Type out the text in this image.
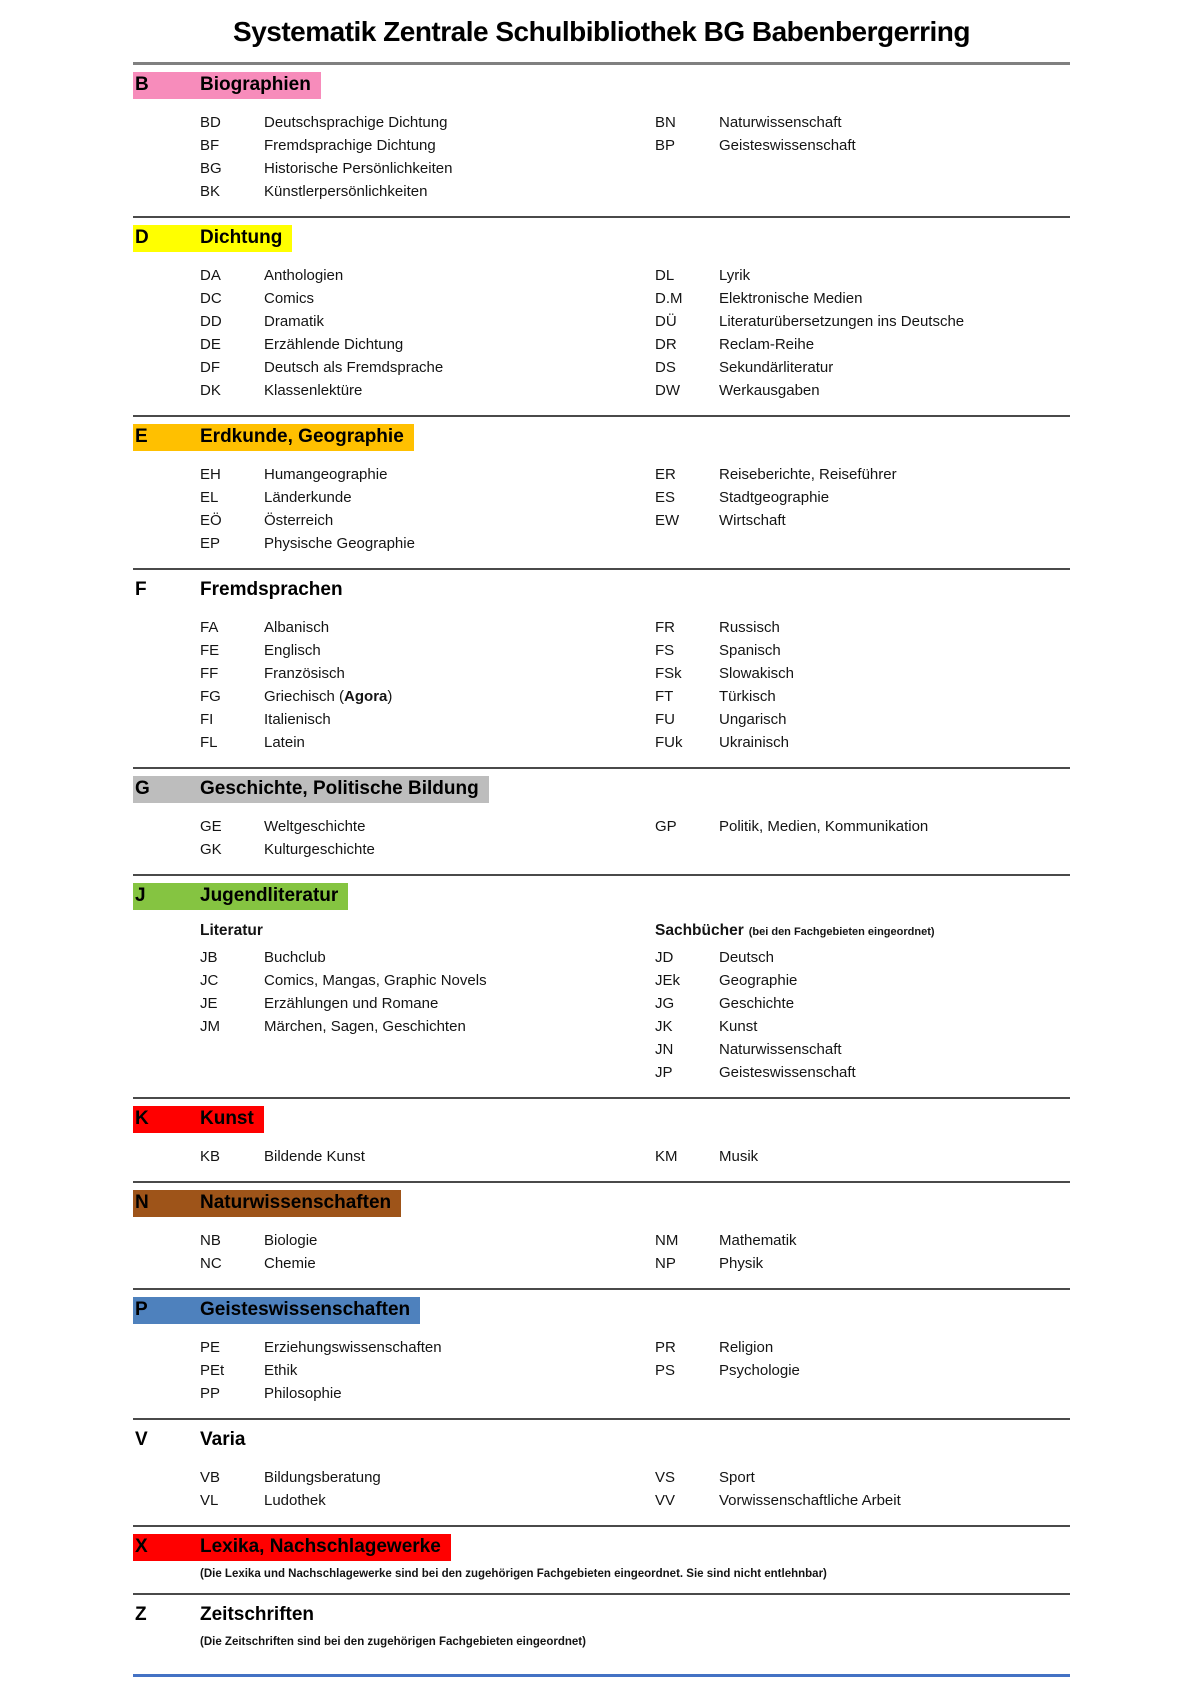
Systematik Zentrale Schulbibliothek BG Babenbergerring
B	Biographien
BD	Deutschsprachige Dichtung
BF	Fremdsprachige Dichtung
BG	Historische Persönlichkeiten
BK	Künstlerpersönlichkeiten
BN	Naturwissenschaft
BP	Geisteswissenschaft
D	Dichtung
DA	Anthologien
DC	Comics
DD	Dramatik
DE	Erzählende Dichtung
DF	Deutsch als Fremdsprache
DK	Klassenlektüre
DL	Lyrik
D.M	Elektronische Medien
DÜ	Literaturübersetzungen ins Deutsche
DR	Reclam-Reihe
DS	Sekundärliteratur
DW	Werkausgaben
E	Erdkunde, Geographie
EH	Humangeographie
EL	Länderkunde
EÖ	Österreich
EP	Physische Geographie
ER	Reiseberichte, Reiseführer
ES	Stadtgeographie
EW	Wirtschaft
F	Fremdsprachen
FA	Albanisch
FE	Englisch
FF	Französisch
FG	Griechisch (Agora)
FI	Italienisch
FL	Latein
FR	Russisch
FS	Spanisch
FSk	Slowakisch
FT	Türkisch
FU	Ungarisch
FUk	Ukrainisch
G	Geschichte, Politische Bildung
GE	Weltgeschichte
GK	Kulturgeschichte
GP	Politik, Medien, Kommunikation
J	Jugendliteratur
Literatur
JB	Buchclub
JC	Comics, Mangas, Graphic Novels
JE	Erzählungen und Romane
JM	Märchen, Sagen, Geschichten
Sachbücher (bei den Fachgebieten eingeordnet)
JD	Deutsch
JEk	Geographie
JG	Geschichte
JK	Kunst
JN	Naturwissenschaft
JP	Geisteswissenschaft
K	Kunst
KB	Bildende Kunst	KM	Musik
N	Naturwissenschaften
NB	Biologie
NC	Chemie
NM	Mathematik
NP	Physik
P	Geisteswissenschaften
PE	Erziehungswissenschaften
PEt	Ethik
PP	Philosophie
PR	Religion
PS	Psychologie
V	Varia
VB	Bildungsberatung
VL	Ludothek
VS	Sport
VV	Vorwissenschaftliche Arbeit
X	Lexika, Nachschlagewerke
(Die Lexika und Nachschlagewerke sind bei den zugehörigen Fachgebieten eingeordnet. Sie sind nicht entlehnbar)
Z	Zeitschriften
(Die Zeitschriften sind bei den zugehörigen Fachgebieten eingeordnet)
